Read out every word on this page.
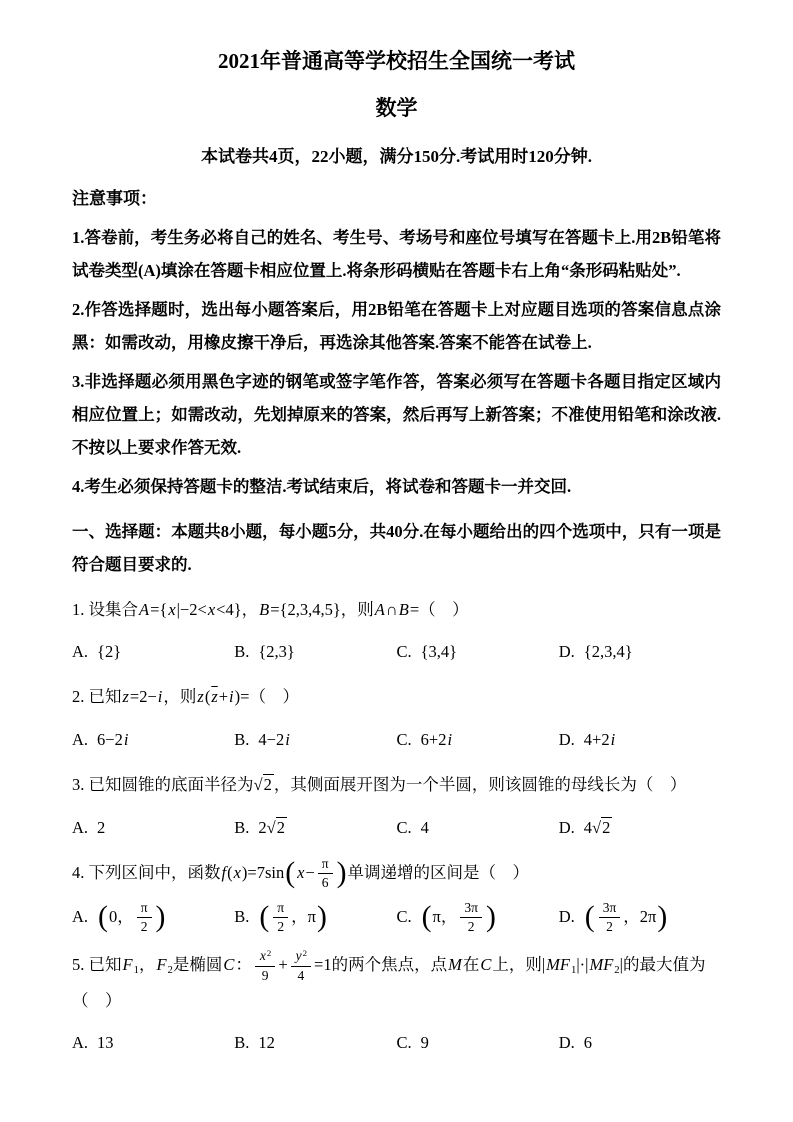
2021年普通高等学校招生全国统一考试
数学
本试卷共4页，22小题，满分150分.考试用时120分钟.
注意事项：

1.答卷前，考生务必将自己的姓名、考生号、考场号和座位号填写在答题卡上.用2B铅笔将试卷类型(A)填涂在答题卡相应位置上.将条形码横贴在答题卡右上角“条形码粘贴处”.

2.作答选择题时，选出每小题答案后，用2B铅笔在答题卡上对应题目选项的答案信息点涂黑：如需改动，用橡皮擦干净后，再选涂其他答案.答案不能答在试卷上.

3.非选择题必须用黑色字迹的钢笔或签字笔作答，答案必须写在答题卡各题目指定区域内相应位置上；如需改动，先划掉原来的答案，然后再写上新答案；不准使用铅笔和涂改液.不按以上要求作答无效.

4.考生必须保持答题卡的整洁.考试结束后，将试卷和答题卡一并交回.

一、选择题：本题共8小题，每小题5分，共40分.在每小题给出的四个选项中，只有一项是符合题目要求的.

1. 设集合A={x|−2<x<4}，B={2,3,4,5}，则A∩B=（　）

A. {2}	B. {2,3}	C. {3,4}	D. {2,3,4}

2. 已知z=2−i，则$z(\overline{z}+i)=$（　）

A. 6−2i	B. 4−2i	C. 6+2i	D. 4+2i

3. 已知圆锥的底面半径为√2 ，其侧面展开图为一个半圆，则该圆锥的母线长为（　）

A. 2	B. 2√2	C. 4	D. 4√2

4. 下列区间中，函数f(x)=7sin( $x- \frac{\pi}{6}$ )单调递增的区间是（　）

A. (0， $\frac{\pi}{2}$ )	B. ( $\frac{\pi}{2}$ ，π)	C. (π， $\frac{3\pi}{2}$ )	D. ( $\frac{3\pi}{2}$ ，2π)

5. 已知$F_1$，$F_2$是椭圆C： $\frac{x^2}{9} + \frac{y^2}{4} =1$的两个焦点，点M在C上，则$|MF_1|\cdot|MF_2|$的最大值为（　）

A. 13	B. 12	C. 9	D. 6
